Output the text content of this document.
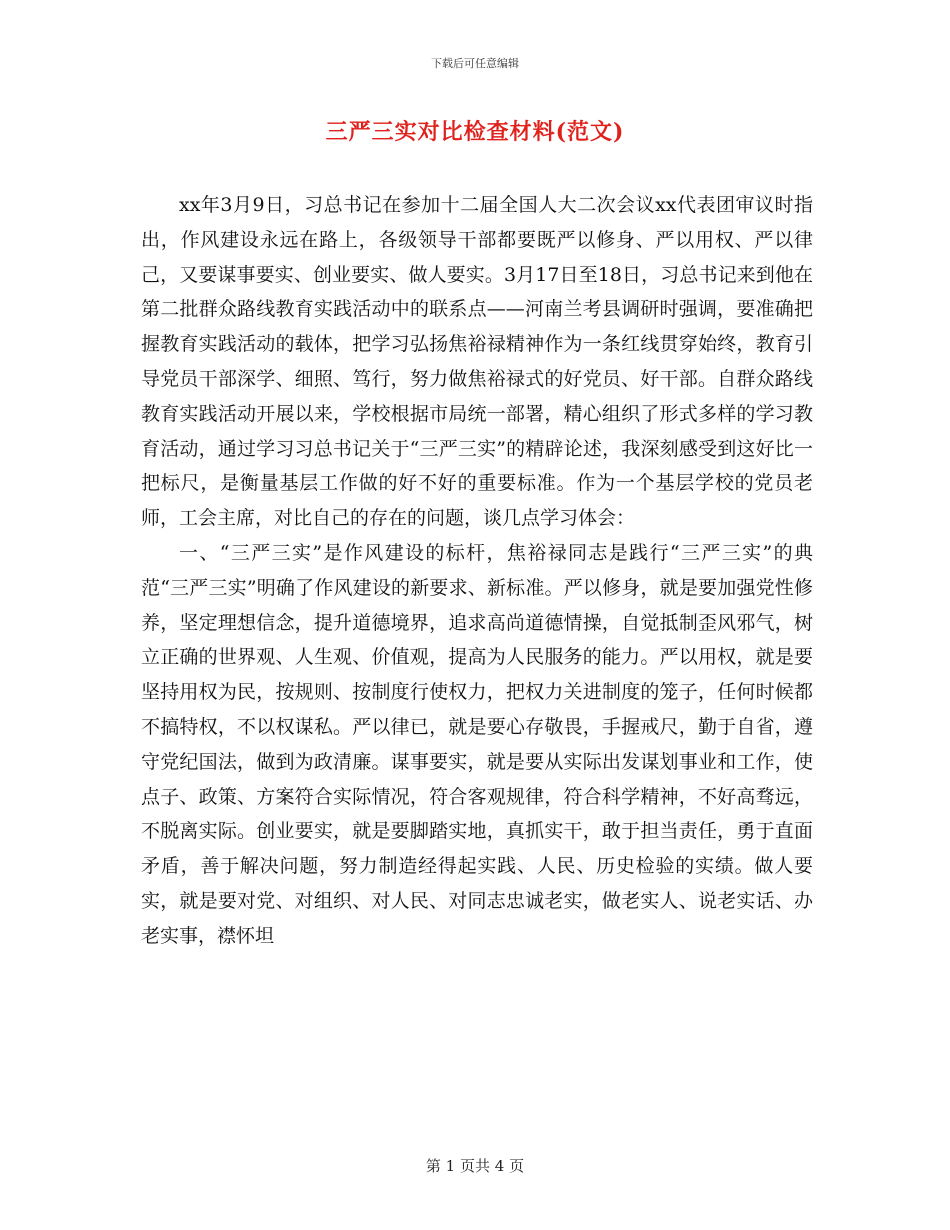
下载后可任意编辑
三严三实对比检查材料(范文)

xx年3月9日，习总书记在参加十二届全国人大二次会议xx代表团审议时指出，作风建设永远在路上，各级领导干部都要既严以修身、严以用权、严以律己，又要谋事要实、创业要实、做人要实。3月17日至18日，习总书记来到他在第二批群众路线教育实践活动中的联系点——河南兰考县调研时强调，要准确把握教育实践活动的载体，把学习弘扬焦裕禄精神作为一条红线贯穿始终，教育引导党员干部深学、细照、笃行，努力做焦裕禄式的好党员、好干部。自群众路线教育实践活动开展以来，学校根据市局统一部署，精心组织了形式多样的学习教育活动，通过学习习总书记关于“三严三实”的精辟论述，我深刻感受到这好比一把标尺，是衡量基层工作做的好不好的重要标准。作为一个基层学校的党员老师，工会主席，对比自己的存在的问题，谈几点学习体会：

一、“三严三实”是作风建设的标杆，焦裕禄同志是践行“三严三实”的典范“三严三实”明确了作风建设的新要求、新标准。严以修身，就是要加强党性修养，坚定理想信念，提升道德境界，追求高尚道德情操，自觉抵制歪风邪气，树立正确的世界观、人生观、价值观，提高为人民服务的能力。严以用权，就是要坚持用权为民，按规则、按制度行使权力，把权力关进制度的笼子，任何时候都不搞特权，不以权谋私。严以律已，就是要心存敬畏，手握戒尺，勤于自省，遵守党纪国法，做到为政清廉。谋事要实，就是要从实际出发谋划事业和工作，使点子、政策、方案符合实际情况，符合客观规律，符合科学精神，不好高骛远，不脱离实际。创业要实，就是要脚踏实地，真抓实干，敢于担当责任，勇于直面矛盾，善于解决问题，努力制造经得起实践、人民、历史检验的实绩。做人要实，就是要对党、对组织、对人民、对同志忠诚老实，做老实人、说老实话、办老实事，襟怀坦

第 1 页共 4 页
